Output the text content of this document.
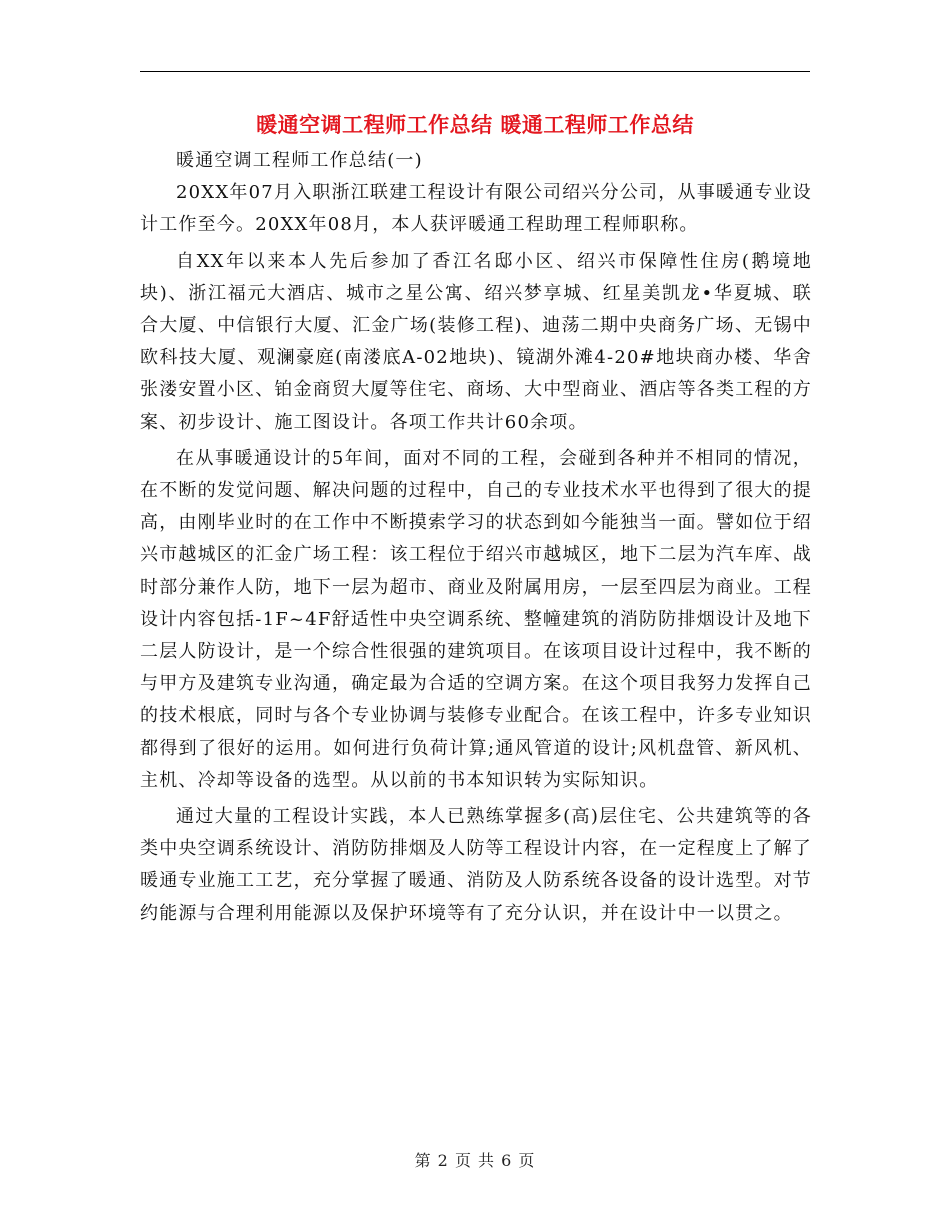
暖通空调工程师工作总结 暖通工程师工作总结

暖通空调工程师工作总结(一)

20XX年07月入职浙江联建工程设计有限公司绍兴分公司，从事暖通专业设计工作至今。20XX年08月，本人获评暖通工程助理工程师职称。

自XX年以来本人先后参加了香江名邸小区、绍兴市保障性住房(鹅境地块)、浙江福元大酒店、城市之星公寓、绍兴梦享城、红星美凯龙•华夏城、联合大厦、中信银行大厦、汇金广场(装修工程)、迪荡二期中央商务广场、无锡中欧科技大厦、观澜豪庭(南溇底A-02地块)、镜湖外滩4-20#地块商办楼、华舍张溇安置小区、铂金商贸大厦等住宅、商场、大中型商业、酒店等各类工程的方案、初步设计、施工图设计。各项工作共计60余项。

在从事暖通设计的5年间，面对不同的工程，会碰到各种并不相同的情况，在不断的发觉问题、解决问题的过程中，自己的专业技术水平也得到了很大的提高，由刚毕业时的在工作中不断摸索学习的状态到如今能独当一面。譬如位于绍兴市越城区的汇金广场工程：该工程位于绍兴市越城区，地下二层为汽车库、战时部分兼作人防，地下一层为超市、商业及附属用房，一层至四层为商业。工程设计内容包括-1F~4F舒适性中央空调系统、整幢建筑的消防防排烟设计及地下二层人防设计，是一个综合性很强的建筑项目。在该项目设计过程中，我不断的与甲方及建筑专业沟通，确定最为合适的空调方案。在这个项目我努力发挥自己的技术根底，同时与各个专业协调与装修专业配合。在该工程中，许多专业知识都得到了很好的运用。如何进行负荷计算;通风管道的设计;风机盘管、新风机、主机、冷却等设备的选型。从以前的书本知识转为实际知识。

通过大量的工程设计实践，本人已熟练掌握多(高)层住宅、公共建筑等的各类中央空调系统设计、消防防排烟及人防等工程设计内容，在一定程度上了解了暖通专业施工工艺，充分掌握了暖通、消防及人防系统各设备的设计选型。对节约能源与合理利用能源以及保护环境等有了充分认识，并在设计中一以贯之。

第 2 页 共 6 页
